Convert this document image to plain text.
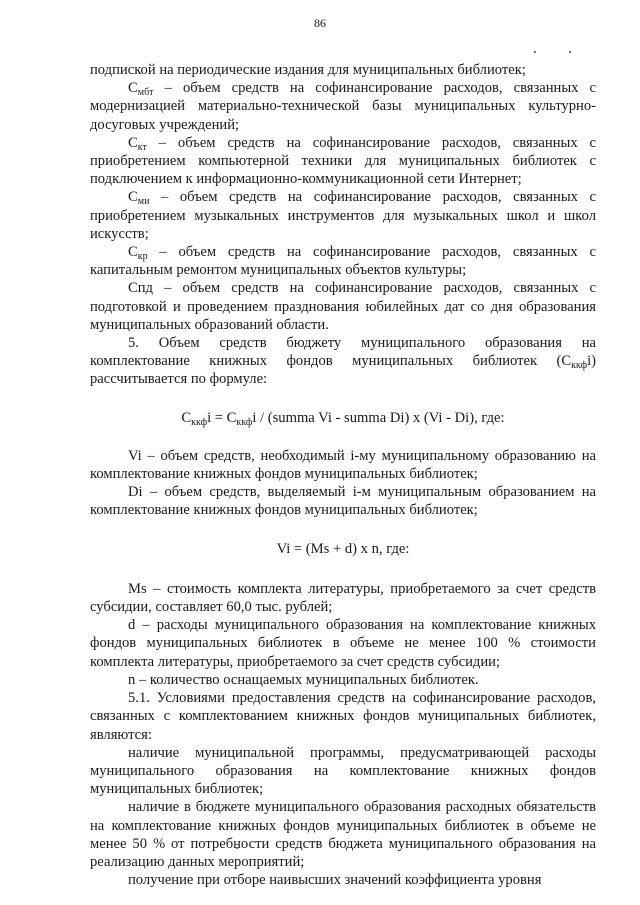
86

подпиской на периодические издания для муниципальных библиотек;

$С_{мбт}$ – объем средств на софинансирование расходов, связанных с модернизацией материально-технической базы муниципальных культурно-досуговых учреждений;

$С_{кт}$ – объем средств на софинансирование расходов, связанных с приобретением компьютерной техники для муниципальных библиотек с подключением к информационно-коммуникационной сети Интернет;

$С_{ми}$ – объем средств на софинансирование расходов, связанных с приобретением музыкальных инструментов для музыкальных школ и школ искусств;

$С_{кр}$ – объем средств на софинансирование расходов, связанных с капитальным ремонтом муниципальных объектов культуры;

Спд – объем средств на софинансирование расходов, связанных с подготовкой и проведением празднования юбилейных дат со дня образования муниципальных образований области.

5. Объем средств бюджету муниципального образования на комплектование книжных фондов муниципальных библиотек $(С_{ккф}i)$ рассчитывается по формуле:

$С_{ккф}i = С_{ккф}i$ / (summa Vi - summa Di) x (Vi - Di), где:

Vi – объем средств, необходимый i-му муниципальному образованию на комплектование книжных фондов муниципальных библиотек;

Di – объем средств, выделяемый i-м муниципальным образованием на комплектование книжных фондов муниципальных библиотек;

Vi = (Ms + d) x n, где:

Ms – стоимость комплекта литературы, приобретаемого за счет средств субсидии, составляет 60,0 тыс. рублей;

d – расходы муниципального образования на комплектование книжных фондов муниципальных библиотек в объеме не менее 100 % стоимости комплекта литературы, приобретаемого за счет средств субсидии;

n – количество оснащаемых муниципальных библиотек.

5.1. Условиями предоставления средств на софинансирование расходов, связанных с комплектованием книжных фондов муниципальных библиотек, являются:

наличие муниципальной программы, предусматривающей расходы муниципального образования на комплектование книжных фондов муниципальных библиотек;

наличие в бюджете муниципального образования расходных обязательств на комплектование книжных фондов муниципальных библиотек в объеме не менее 50 % от потребности средств бюджета муниципального образования на реализацию данных мероприятий;

получение при отборе наивысших значений коэффициента уровня
